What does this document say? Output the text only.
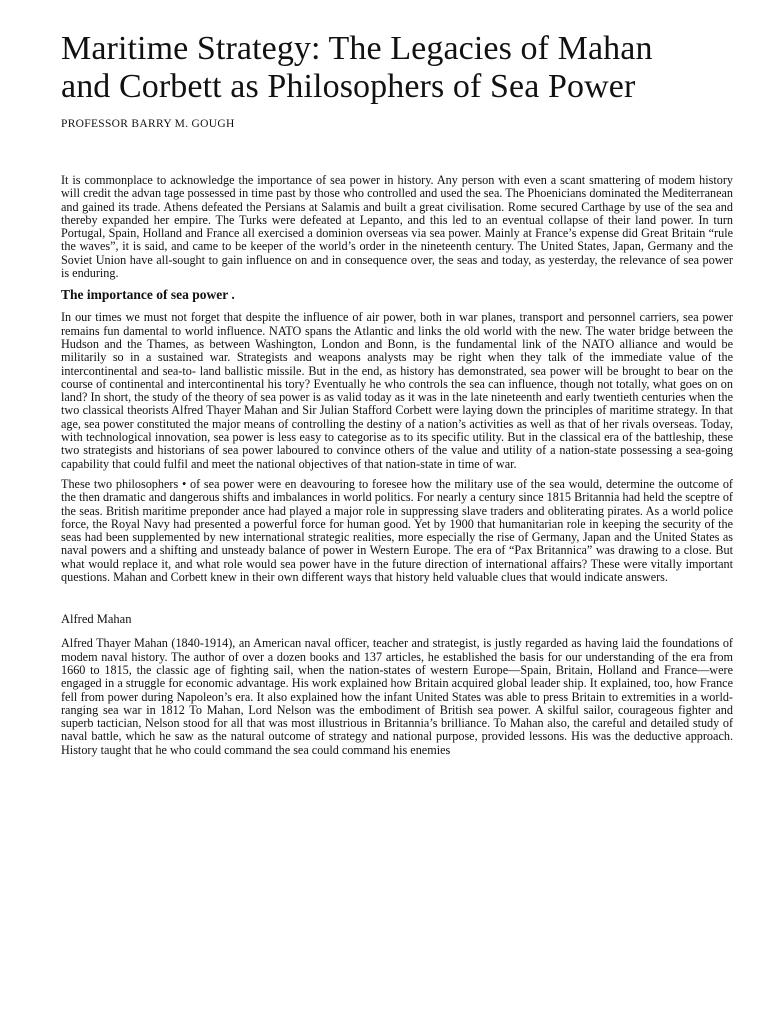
Maritime Strategy: The Legacies of Mahan and Corbett as Philosophers of Sea Power
PROFESSOR BARRY M. GOUGH

It is commonplace to acknowledge the importance of sea power in history. Any person with even a scant smattering of modem history will credit the advan tage possessed in time past by those who controlled and used the sea. The Phoenicians dominated the Mediterranean and gained its trade. Athens defeated the Persians at Salamis and built a great civilisation. Rome secured Carthage by use of the sea and thereby expanded her empire. The Turks were defeated at Lepanto, and this led to an eventual collapse of their land power. In turn Portugal, Spain, Holland and France all exercised a dominion overseas via sea power. Mainly at France’s expense did Great Britain “rule the waves”, it is said, and came to be keeper of the world’s order in the nineteenth century. The United States, Japan, Germany and the Soviet Union have all-sought to gain influence on and in consequence over, the seas and today, as yesterday, the relevance of sea power is enduring.

The importance of sea power .

In our times we must not forget that despite the influence of air power, both in war planes, transport and personnel carriers, sea power remains fun damental to world influence. NATO spans the Atlantic and links the old world with the new. The water bridge between the Hudson and the Thames, as between Washington, London and Bonn, is the fundamental link of the NATO alliance and would be militarily so in a sustained war. Strategists and weapons analysts may be right when they talk of the immediate value of the intercontinental and sea-to- land ballistic missile. But in the end, as history has demonstrated, sea power will be brought to bear on the course of continental and intercontinental his tory? Eventually he who controls the sea can influence, though not totally, what goes on on land? In short, the study of the theory of sea power is as valid today as it was in the late nineteenth and early twentieth centuries when the two classical theorists Alfred Thayer Mahan and Sir Julian Stafford Corbett were laying down the principles of maritime strategy. In that age, sea power constituted the major means of controlling the destiny of a nation’s activities as well as that of her rivals overseas. Today, with technological innovation, sea power is less easy to categorise as to its specific utility. But in the classical era of the battleship, these two strategists and historians of sea power laboured to convince others of the value and utility of a nation-state possessing a sea-going capability that could fulfil and meet the national objectives of that nation-state in time of war.

These two philosophers • of sea power were en deavouring to foresee how the military use of the sea would, determine the outcome of the then dramatic and dangerous shifts and imbalances in world politics. For nearly a century since 1815 Britannia had held the sceptre of the seas. British maritime preponder ance had played a major role in suppressing slave traders and obliterating pirates. As a world police force, the Royal Navy had presented a powerful force for human good. Yet by 1900 that humanitarian role in keeping the security of the seas had been supplemented by new international strategic realities, more especially the rise of Germany, Japan and the United States as naval powers and a shifting and unsteady balance of power in Western Europe. The era of “Pax Britannica” was drawing to a close. But what would replace it, and what role would sea power have in the future direction of international affairs? These were vitally important questions. Mahan and Corbett knew in their own different ways that history held valuable clues that would indicate answers.

Alfred Mahan

Alfred Thayer Mahan (1840-1914), an American naval officer, teacher and strategist, is justly regarded as having laid the foundations of modem naval history. The author of over a dozen books and 137 articles, he established the basis for our understanding of the era from 1660 to 1815, the classic age of fighting sail, when the nation-states of western Europe—Spain, Britain, Holland and France—were engaged in a struggle for economic advantage. His work explained how Britain acquired global leader ship. It explained, too, how France fell from power during Napoleon’s era. It also explained how the infant United States was able to press Britain to extremities in a world-ranging sea war in 1812 To Mahan, Lord Nelson was the embodiment of British sea power. A skilful sailor, courageous fighter and superb tactician, Nelson stood for all that was most illustrious in Britannia’s brilliance. To Mahan also, the careful and detailed study of naval battle, which he saw as the natural outcome of strategy and national purpose, provided lessons. His was the deductive approach. History taught that he who could command the sea could command his enemies
